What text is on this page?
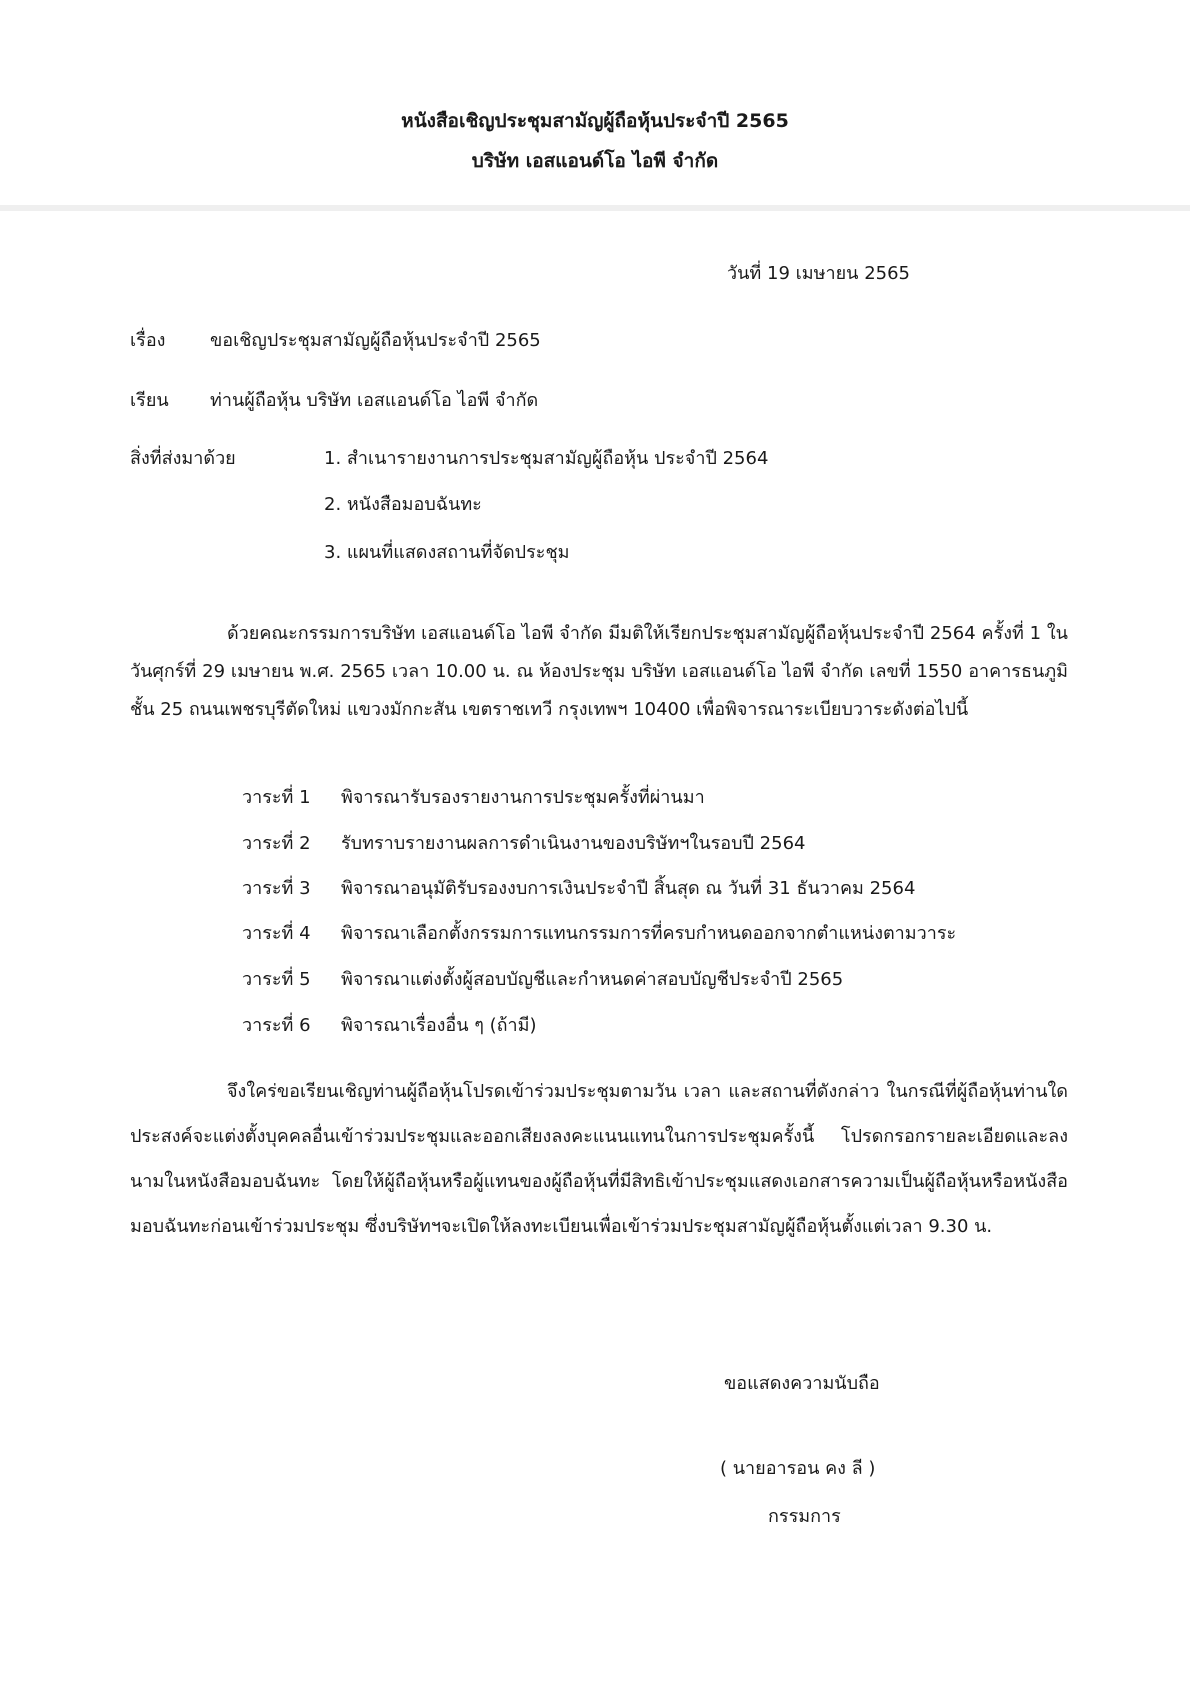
หนังสือเชิญประชุมสามัญผู้ถือหุ้นประจำปี 2565
บริษัท เอสแอนด์โอ ไอพี จำกัด
วันที่ 19 เมษายน 2565
เรื่อง ขอเชิญประชุมสามัญผู้ถือหุ้นประจำปี 2565
เรียน ท่านผู้ถือหุ้น บริษัท เอสแอนด์โอ ไอพี จำกัด
สิ่งที่ส่งมาด้วย	1. สำเนารายงานการประชุมสามัญผู้ถือหุ้น ประจำปี 2564
2. หนังสือมอบฉันทะ
3. แผนที่แสดงสถานที่จัดประชุม

ด้วยคณะกรรมการบริษัท เอสแอนด์โอ ไอพี จำกัด มีมติให้เรียกประชุมสามัญผู้ถือหุ้นประจำปี 2564 ครั้งที่ 1 ในวันศุกร์ที่ 29 เมษายน พ.ศ. 2565 เวลา 10.00 น. ณ ห้องประชุม บริษัท เอสแอนด์โอ ไอพี จำกัด เลขที่ 1550 อาคารธนภูมิ ชั้น 25 ถนนเพชรบุรีตัดใหม่ แขวงมักกะสัน เขตราชเทวี กรุงเทพฯ 10400 เพื่อพิจารณาระเบียบวาระดังต่อไปนี้

วาระที่ 1 พิจารณารับรองรายงานการประชุมครั้งที่ผ่านมา
วาระที่ 2 รับทราบรายงานผลการดำเนินงานของบริษัทฯในรอบปี 2564
วาระที่ 3 พิจารณาอนุมัติรับรองงบการเงินประจำปี สิ้นสุด ณ วันที่ 31 ธันวาคม 2564
วาระที่ 4 พิจารณาเลือกตั้งกรรมการแทนกรรมการที่ครบกำหนดออกจากตำแหน่งตามวาระ
วาระที่ 5 พิจารณาแต่งตั้งผู้สอบบัญชีและกำหนดค่าสอบบัญชีประจำปี 2565
วาระที่ 6 พิจารณาเรื่องอื่น ๆ (ถ้ามี)

จึงใคร่ขอเรียนเชิญท่านผู้ถือหุ้นโปรดเข้าร่วมประชุมตามวัน เวลา และสถานที่ดังกล่าว ในกรณีที่ผู้ถือหุ้นท่านใดประสงค์จะแต่งตั้งบุคคลอื่นเข้าร่วมประชุมและออกเสียงลงคะแนนแทนในการประชุมครั้งนี้ โปรดกรอกรายละเอียดและลงนามในหนังสือมอบฉันทะ โดยให้ผู้ถือหุ้นหรือผู้แทนของผู้ถือหุ้นที่มีสิทธิเข้าประชุมแสดงเอกสารความเป็นผู้ถือหุ้นหรือหนังสือมอบฉันทะก่อนเข้าร่วมประชุม ซึ่งบริษัทฯจะเปิดให้ลงทะเบียนเพื่อเข้าร่วมประชุมสามัญผู้ถือหุ้นตั้งแต่เวลา 9.30 น.

ขอแสดงความนับถือ
( นายอารอน คง ลี )
กรรมการ
